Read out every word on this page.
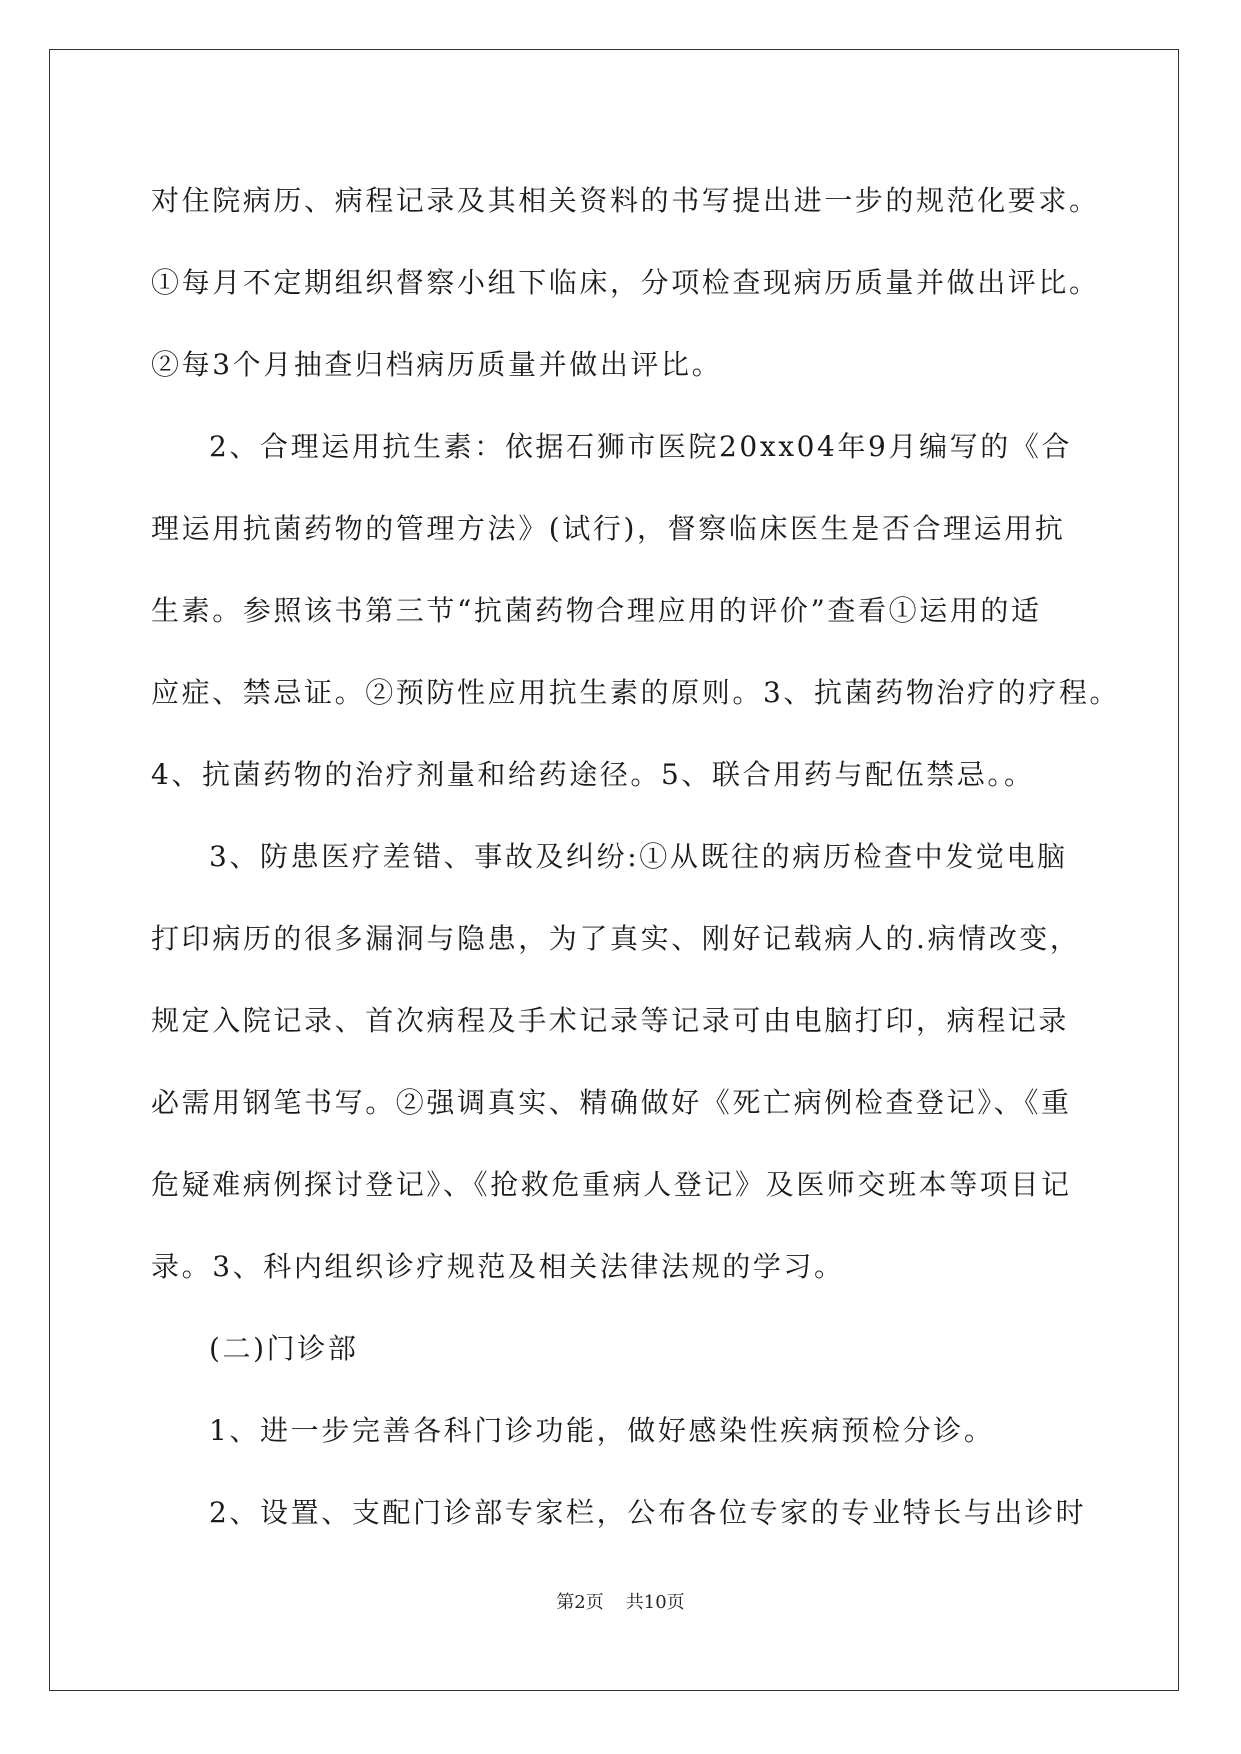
对住院病历、病程记录及其相关资料的书写提出进一步的规范化要求。
①每月不定期组织督察小组下临床，分项检查现病历质量并做出评比。
②每3个月抽查归档病历质量并做出评比。
2、合理运用抗生素：依据石狮市医院20xx04年9月编写的《合
理运用抗菌药物的管理方法》(试行)，督察临床医生是否合理运用抗
生素。参照该书第三节“抗菌药物合理应用的评价”查看①运用的适
应症、禁忌证。②预防性应用抗生素的原则。3、抗菌药物治疗的疗程。
4、抗菌药物的治疗剂量和给药途径。5、联合用药与配伍禁忌。。
3、防患医疗差错、事故及纠纷:①从既往的病历检查中发觉电脑
打印病历的很多漏洞与隐患，为了真实、刚好记载病人的.病情改变，
规定入院记录、首次病程及手术记录等记录可由电脑打印，病程记录
必需用钢笔书写。②强调真实、精确做好《死亡病例检查登记》、《重
危疑难病例探讨登记》、《抢救危重病人登记》及医师交班本等项目记
录。3、科内组织诊疗规范及相关法律法规的学习。
(二)门诊部
1、进一步完善各科门诊功能，做好感染性疾病预检分诊。
2、设置、支配门诊部专家栏，公布各位专家的专业特长与出诊时
第2页 共10页
